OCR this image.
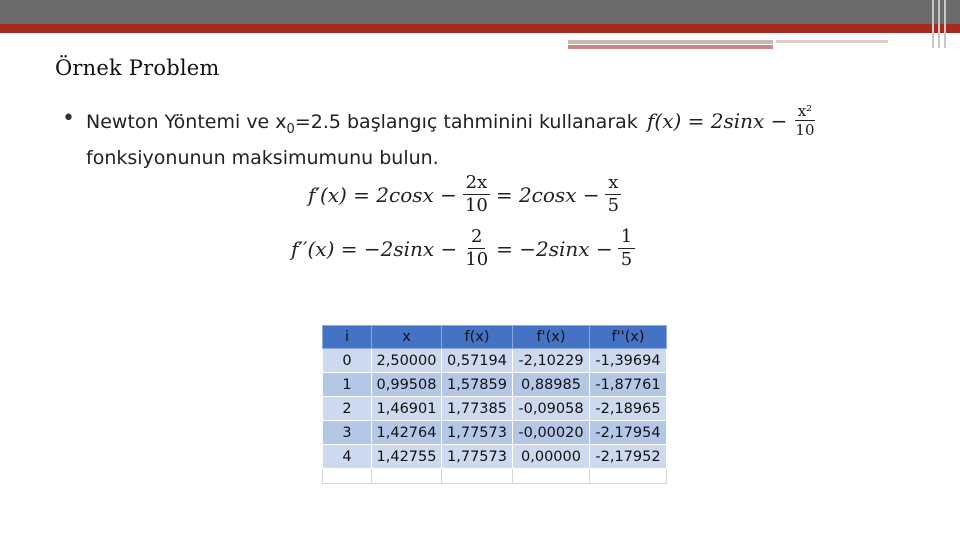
Örnek Problem
• Newton Yöntemi ve $x_0=2.5$ başlangıç tahminini kullanarak $f(x) = 2\sin x - \frac{\text{x²}}{10}$
fonksiyonunun maksimumunu bulun.
$f'(x) = 2\cos x - \frac{2x}{10} = 2\cos x - \frac{x}{5}$
$f''(x) = -2\sin x - \frac{2}{10} = -2\sin x - \frac{1}{5}$
i	x	f(x)	f'(x)	f''(x)
0	2,50000	0,57194	-2,10229	-1,39694
1	0,99508	1,57859	0,88985	-1,87761
2	1,46901	1,77385	-0,09058	-2,18965
3	1,42764	1,77573	-0,00020	-2,17954
4	1,42755	1,77573	0,00000	-2,17952
